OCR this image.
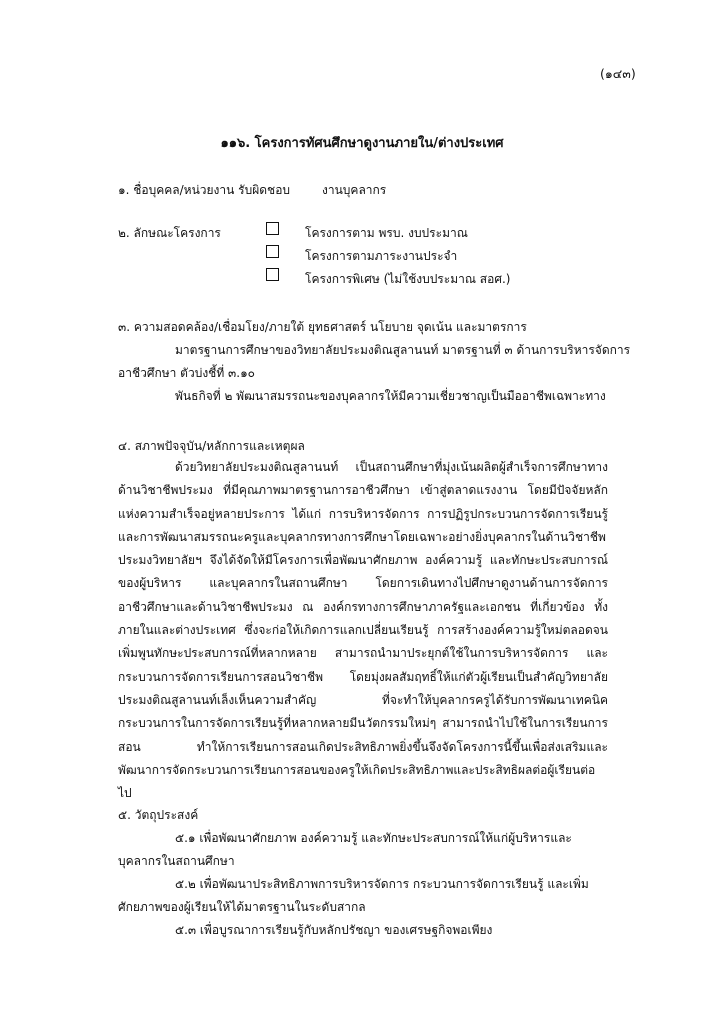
(๑๔๓)
๑๑๖. โครงการทัศนศึกษาดูงานภายใน/ต่างประเทศ
๑. ชื่อบุคคล/หน่วยงาน รับผิดชอบ	งานบุคลากร
๒. ลักษณะโครงการ	โครงการตาม พรบ. งบประมาณ
โครงการตามภาระงานประจำ
โครงการพิเศษ (ไม่ใช้งบประมาณ สอศ.)
๓. ความสอดคล้อง/เชื่อมโยง/ภายใต้ ยุทธศาสตร์ นโยบาย จุดเน้น และมาตรการ
มาตรฐานการศึกษาของวิทยาลัยประมงติณสูลานนท์ มาตรฐานที่ ๓ ด้านการบริหารจัดการ
อาชีวศึกษา ตัวบ่งชี้ที่ ๓.๑๐
พันธกิจที่ ๒ พัฒนาสมรรถนะของบุคลากรให้มีความเชี่ยวชาญเป็นมืออาชีพเฉพาะทาง
๔. สภาพปัจจุบัน/หลักการและเหตุผล
ด้วยวิทยาลัยประมงติณสูลานนท์ เป็นสถานศึกษาที่มุ่งเน้นผลิตผู้สำเร็จการศึกษาทางด้านวิชาชีพประมง ที่มีคุณภาพมาตรฐานการอาชีวศึกษา เข้าสู่ตลาดแรงงาน โดยมีปัจจัยหลักแห่งความสำเร็จอยู่หลายประการ ได้แก่ การบริหารจัดการ การปฏิรูปกระบวนการจัดการเรียนรู้ และการพัฒนาสมรรถนะครูและบุคลากรทางการศึกษาโดยเฉพาะอย่างยิ่งบุคลากรในด้านวิชาชีพประมงวิทยาลัยฯ จึงได้จัดให้มีโครงการเพื่อพัฒนาศักยภาพ องค์ความรู้ และทักษะประสบการณ์ของผู้บริหาร และบุคลากรในสถานศึกษา โดยการเดินทางไปศึกษาดูงานด้านการจัดการอาชีวศึกษาและด้านวิชาชีพประมง ณ องค์กรทางการศึกษาภาครัฐและเอกชน ที่เกี่ยวข้อง ทั้งภายในและต่างประเทศ ซึ่งจะก่อให้เกิดการแลกเปลี่ยนเรียนรู้ การสร้างองค์ความรู้ใหม่ตลอดจนเพิ่มพูนทักษะประสบการณ์ที่หลากหลาย สามารถนำมาประยุกต์ใช้ในการบริหารจัดการ และกระบวนการจัดการเรียนการสอนวิชาชีพ โดยมุ่งผลสัมฤทธิ์ให้แก่ตัวผู้เรียนเป็นสำคัญวิทยาลัยประมงติณสูลานนท์เล็งเห็นความสำคัญ ที่จะทำให้บุคลากรครูได้รับการพัฒนาเทคนิคกระบวนการในการจัดการเรียนรู้ที่หลากหลายมีนวัตกรรมใหม่ๆ สามารถนำไปใช้ในการเรียนการสอน ทำให้การเรียนการสอนเกิดประสิทธิภาพยิ่งขึ้นจึงจัดโครงการนี้ขึ้นเพื่อส่งเสริมและพัฒนาการจัดกระบวนการเรียนการสอนของครูให้เกิดประสิทธิภาพและประสิทธิผลต่อผู้เรียนต่อไป
๕. วัตถุประสงค์
๕.๑ เพื่อพัฒนาศักยภาพ องค์ความรู้ และทักษะประสบการณ์ให้แก่ผู้บริหารและ
บุคลากรในสถานศึกษา
๕.๒ เพื่อพัฒนาประสิทธิภาพการบริหารจัดการ กระบวนการจัดการเรียนรู้ และเพิ่ม
ศักยภาพของผู้เรียนให้ได้มาตรฐานในระดับสากล
๕.๓ เพื่อบูรณาการเรียนรู้กับหลักปรัชญา ของเศรษฐกิจพอเพียง
